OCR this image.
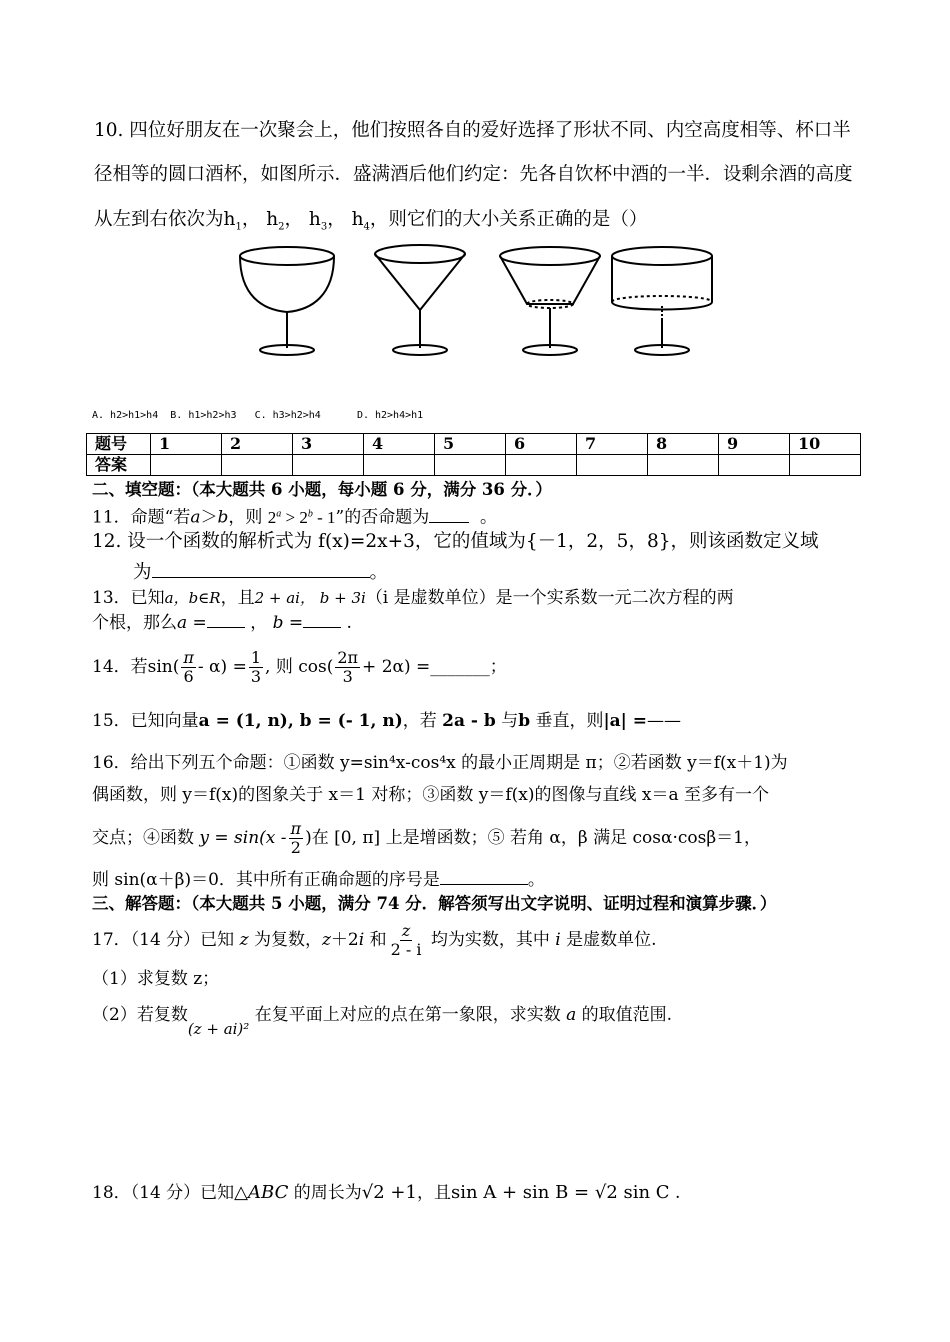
10. 四位好朋友在一次聚会上，他们按照各自的爱好选择了形状不同、内空高度相等、杯口半
径相等的圆口酒杯，如图所示．盛满酒后他们约定：先各自饮杯中酒的一半．设剩余酒的高度
从左到右依次为$h_1$， $h_2$， $h_3$， $h_4$，则它们的大小关系正确的是（）
A. h2>h1>h4 B. h1>h2>h3 C. h3>h2>h4	D. h2>h4>h1
题号	1	2	3	4	5	6	7	8	9	10
答案										
二、填空题：（本大题共 6 小题，每小题 6 分，满分 36 分．）
11．命题“若a＞b，则 $2^a > 2^b - 1$”的否命题为	。
12. 设一个函数的解析式为 f(x)=2x+3，它的值域为{－1，2，5，8}，则该函数定义域
为	。
13．已知a，b∈R，且2 + ai， b + 3i（i 是虚数单位）是一个实系数一元二次方程的两
个根，那么a =	， b =	.
14．若$\sin( \frac{\pi}{6} - \alpha) = \frac{1}{3}$ , 则 $\cos( \frac{2\pi}{3} + 2\alpha)$ =_______；
15．已知向量a = (1, n), b = (- 1, n)，若 2a - b 与b 垂直，则|a| =——
16．给出下列五个命题：①函数 y=sin⁴x-cos⁴x 的最小正周期是 π；②若函数 y＝f(x＋1)为
偶函数，则 y＝f(x)的图象关于 x＝1 对称；③函数 y＝f(x)的图像与直线 x＝a 至多有一个
交点；④函数 $y = \sin(x - \frac{\pi}{2}$ )在 [0, π] 上是增函数；⑤ 若角 α，β 满足 cosα·cosβ＝1，
则 sin(α＋β)＝0．其中所有正确命题的序号是	。
三、解答题：（本大题共 5 小题，满分 74 分．解答须写出文字说明、证明过程和演算步骤．）
17．（14 分）已知 z 为复数，z＋2i 和 $\frac{z}{2 - i}$ 均为实数，其中 i 是虚数单位.
（1）求复数 z；
（2）若复数(z + ai)² 在复平面上对应的点在第一象限，求实数 a 的取值范围.
18．（14 分）已知△ABC 的周长为√2 +1，且sin A + sin B = √2 sin C .
